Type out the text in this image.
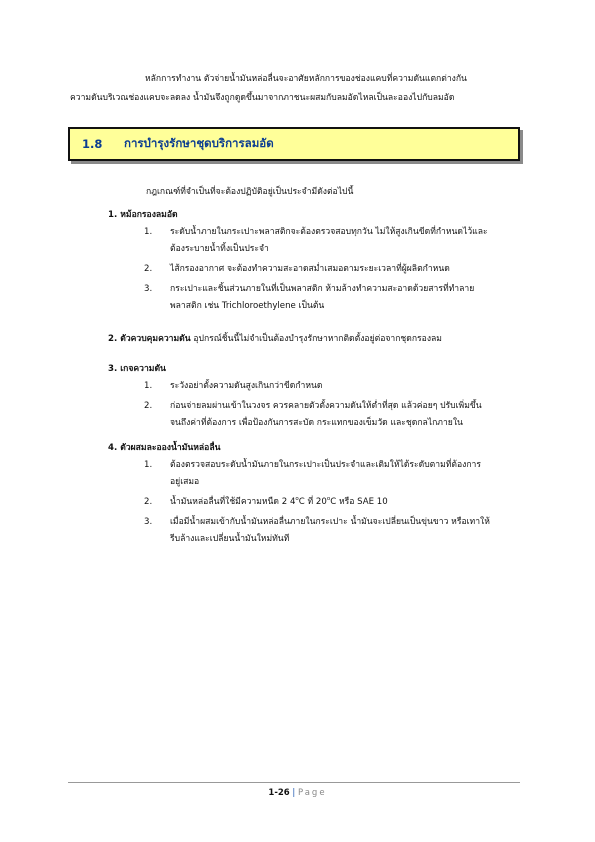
หลักการทำงาน ตัวจ่ายน้ำมันหล่อลื่นจะอาศัยหลักการของช่องแคบที่ความดันแตกต่างกัน
ความดันบริเวณช่องแคบจะลดลง น้ำมันจึงถูกดูดขึ้นมาจากภาชนะผสมกับลมอัดไหลเป็นละอองไปกับลมอัด
1.8	การบำรุงรักษาชุดบริการลมอัด
กฎเกณฑ์ที่จำเป็นที่จะต้องปฏิบัติอยู่เป็นประจำมีดังต่อไปนี้
1. หม้อกรองลมอัด
1.	ระดับน้ำภายในกระเปาะพลาสติกจะต้องตรวจสอบทุกวัน ไม่ให้สูงเกินขีดที่กำหนดไว้และ
ต้องระบายน้ำทิ้งเป็นประจำ
2.	ไส้กรองอากาศ จะต้องทำความสะอาดสม่ำเสมอตามระยะเวลาที่ผู้ผลิตกำหนด
3.	กระเปาะและชิ้นส่วนภายในที่เป็นพลาสติก ห้ามล้างทำความสะอาดด้วยสารที่ทำลาย
พลาสติก เช่น Trichloroethylene เป็นต้น
2. ตัวควบคุมความดัน อุปกรณ์ชิ้นนี้ไม่จำเป็นต้องบำรุงรักษาหากติดตั้งอยู่ต่อจากชุดกรองลม
3. เกจความดัน
1.	ระวังอย่าตั้งความดันสูงเกินกว่าขีดกำหนด
2.	ก่อนจ่ายลมผ่านเข้าในวงจร ควรคลายตัวตั้งความดันให้ต่ำที่สุด แล้วค่อยๆ ปรับเพิ่มขึ้น
จนถึงค่าที่ต้องการ เพื่อป้องกันการสะบัด กระแทกของเข็มวัด และชุดกลไกภายใน
4. ตัวผสมละอองน้ำมันหล่อลื่น
1.	ต้องตรวจสอบระดับน้ำมันภายในกระเปาะเป็นประจำและเติมให้ได้ระดับตามที่ต้องการ
อยู่เสมอ
2.	น้ำมันหล่อลื่นที่ใช้มีความหนืด 2 4$^o$C ที่ 20$^o$C หรือ SAE 10
3.	เมื่อมีน้ำผสมเข้ากับน้ำมันหล่อลื่นภายในกระเปาะ น้ำมันจะเปลี่ยนเป็นขุ่นขาว หรือเทาให้
รีบล้างและเปลี่ยนน้ำมันใหม่ทันที
1-26 | Page
